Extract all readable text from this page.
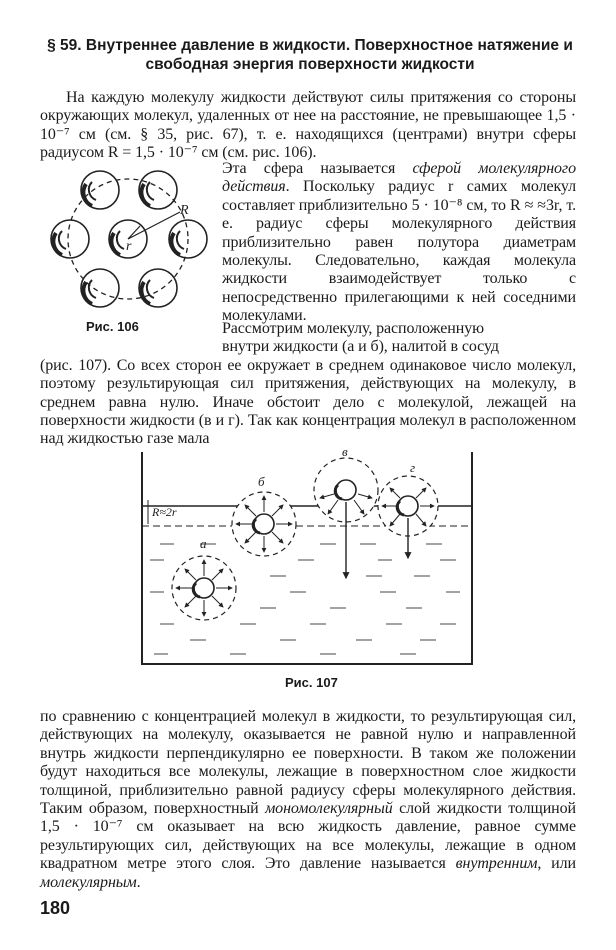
§ 59. Внутреннее давление в жидкости. Поверхностное натяжение и свободная энергия поверхности жидкости

На каждую молекулу жидкости действуют силы притяжения со стороны окружающих молекул, удаленных от нее на расстояние, не превышающее 1,5 · 10⁻⁷ см (см. § 35, рис. 67), т. е. находящихся (центрами) внутри сферы радиусом R = 1,5 · 10⁻⁷ см (см. рис. 106).

R
r

Эта сфера называется сферой молекулярного действия. Поскольку радиус r самих молекул составляет приблизительно 5 · 10⁻⁸ см, то R ≈ ≈3r, т. е. радиус сферы молекулярного действия приблизительно равен полутора диаметрам молекулы. Следовательно, каждая молекула жидкости взаимодействует только с непосредственно прилегающими к ней соседними молекулами.

Рис. 106	Рассмотрим молекулу, расположенную
внутри жидкости (а и б), налитой в сосуд
(рис. 107). Со всех сторон ее окружает в среднем одинаковое число молекул, поэтому результирующая сил притяжения, действующих на молекулу, в среднем равна нулю. Иначе обстоит дело с молекулой, лежащей на поверхности жидкости (в и г). Так как концентрация молекул в расположенном над жидкостью газе мала

R≈2r
а
б
в
г
Рис. 107

по сравнению с концентрацией молекул в жидкости, то результирующая сил, действующих на молекулу, оказывается не равной нулю и направленной внутрь жидкости перпендикулярно ее поверхности. В таком же положении будут находиться все молекулы, лежащие в поверхностном слое жидкости толщиной, приблизительно равной радиусу сферы молекулярного действия. Таким образом, поверхностный мономолекулярный слой жидкости толщиной 1,5 · 10⁻⁷ см оказывает на всю жидкость давление, равное сумме результирующих сил, действующих на все молекулы, лежащие в одном квадратном метре этого слоя. Это давление называется внутренним, или молекулярным.

180
